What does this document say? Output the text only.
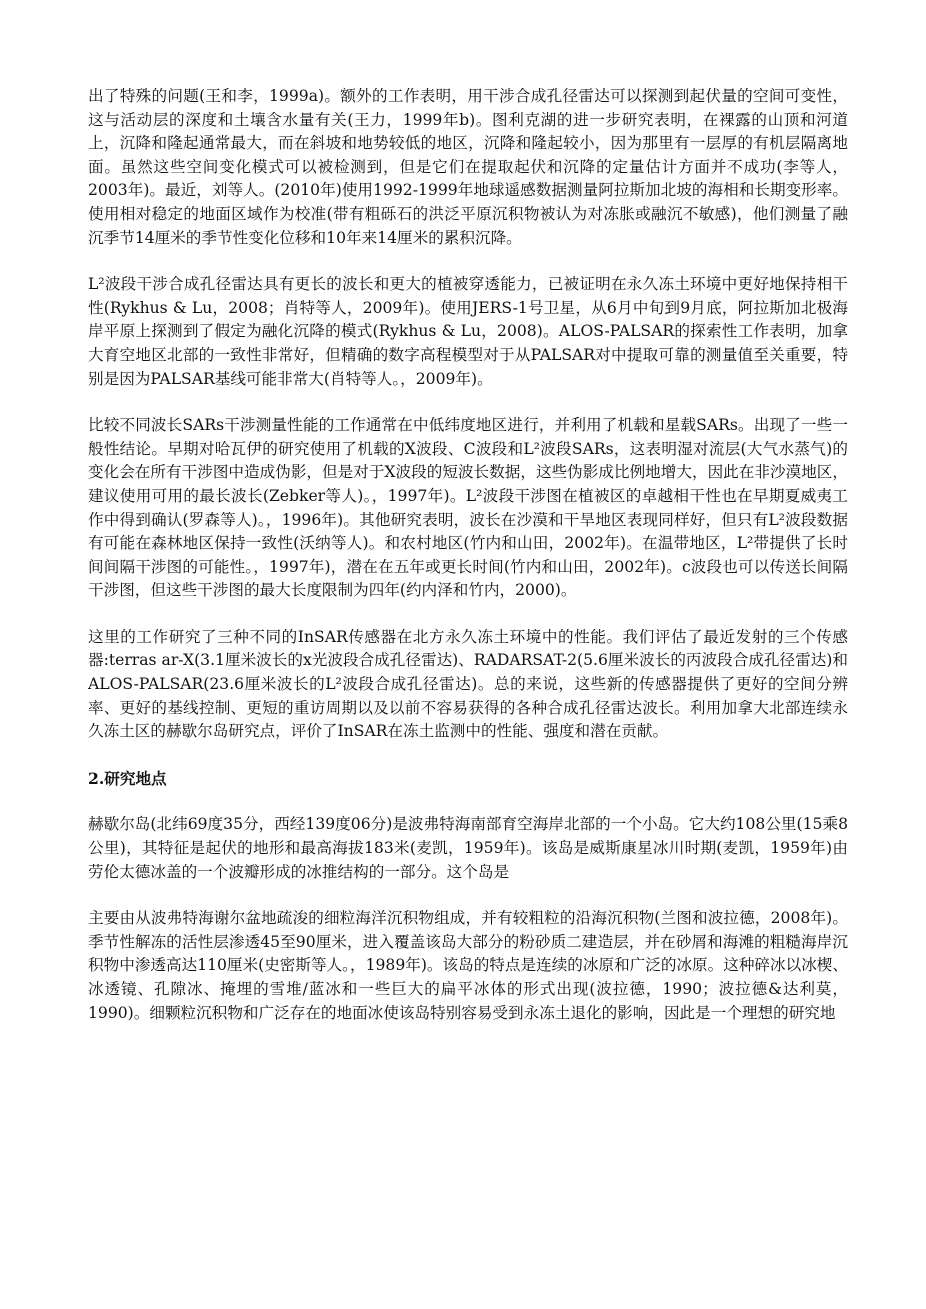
出了特殊的问题(王和李，1999a)。额外的工作表明，用干涉合成孔径雷达可以探测到起伏量的空间可变性，这与活动层的深度和土壤含水量有关(王力，1999年b)。图利克湖的进一步研究表明，在裸露的山顶和河道上，沉降和隆起通常最大，而在斜坡和地势较低的地区，沉降和隆起较小，因为那里有一层厚的有机层隔离地面。虽然这些空间变化模式可以被检测到，但是它们在提取起伏和沉降的定量估计方面并不成功(李等人，2003年)。最近，刘等人。(2010年)使用1992-1999年地球遥感数据测量阿拉斯加北坡的海相和长期变形率。使用相对稳定的地面区域作为校准(带有粗砾石的洪泛平原沉积物被认为对冻胀或融沉不敏感)，他们测量了融沉季节14厘米的季节性变化位移和10年来14厘米的累积沉降。

L²波段干涉合成孔径雷达具有更长的波长和更大的植被穿透能力，已被证明在永久冻土环境中更好地保持相干性(Rykhus & Lu，2008；肖特等人，2009年)。使用JERS-1号卫星，从6月中旬到9月底，阿拉斯加北极海岸平原上探测到了假定为融化沉降的模式(Rykhus & Lu，2008)。ALOS-PALSAR的探索性工作表明，加拿大育空地区北部的一致性非常好，但精确的数字高程模型对于从PALSAR对中提取可靠的测量值至关重要，特别是因为PALSAR基线可能非常大(肖特等人。，2009年)。

比较不同波长SARs干涉测量性能的工作通常在中低纬度地区进行，并利用了机载和星载SARs。出现了一些一般性结论。早期对哈瓦伊的研究使用了机载的X波段、C波段和L²波段SARs，这表明湿对流层(大气水蒸气)的变化会在所有干涉图中造成伪影，但是对于X波段的短波长数据，这些伪影成比例地增大，因此在非沙漠地区，建议使用可用的最长波长(Zebker等人)。，1997年)。L²波段干涉图在植被区的卓越相干性也在早期夏威夷工作中得到确认(罗森等人)。，1996年)。其他研究表明，波长在沙漠和干旱地区表现同样好，但只有L²波段数据有可能在森林地区保持一致性(沃纳等人)。和农村地区(竹内和山田，2002年)。在温带地区，L²带提供了长时间间隔干涉图的可能性。，1997年)，潜在在五年或更长时间(竹内和山田，2002年)。c波段也可以传送长间隔干涉图，但这些干涉图的最大长度限制为四年(约内泽和竹内，2000)。

这里的工作研究了三种不同的InSAR传感器在北方永久冻土环境中的性能。我们评估了最近发射的三个传感器:terras ar-X(3.1厘米波长的x光波段合成孔径雷达)、RADARSAT-2(5.6厘米波长的丙波段合成孔径雷达)和ALOS-PALSAR(23.6厘米波长的L²波段合成孔径雷达)。总的来说，这些新的传感器提供了更好的空间分辨率、更好的基线控制、更短的重访周期以及以前不容易获得的各种合成孔径雷达波长。利用加拿大北部连续永久冻土区的赫歇尔岛研究点，评价了InSAR在冻土监测中的性能、强度和潜在贡献。

2.研究地点

赫歇尔岛(北纬69度35分，西经139度06分)是波弗特海南部育空海岸北部的一个小岛。它大约108公里(15乘8公里)，其特征是起伏的地形和最高海拔183米(麦凯，1959年)。该岛是威斯康星冰川时期(麦凯，1959年)由劳伦太德冰盖的一个波瓣形成的冰推结构的一部分。这个岛是

主要由从波弗特海谢尔盆地疏浚的细粒海洋沉积物组成，并有较粗粒的沿海沉积物(兰图和波拉德，2008年)。季节性解冻的活性层渗透45至90厘米，进入覆盖该岛大部分的粉砂质二建造层，并在砂屑和海滩的粗糙海岸沉积物中渗透高达110厘米(史密斯等人。，1989年)。该岛的特点是连续的冰原和广泛的冰原。这种碎冰以冰楔、冰透镜、孔隙冰、掩埋的雪堆/蓝冰和一些巨大的扁平冰体的形式出现(波拉德，1990；波拉德&达利莫，1990)。细颗粒沉积物和广泛存在的地面冰使该岛特别容易受到永冻土退化的影响，因此是一个理想的研究地
